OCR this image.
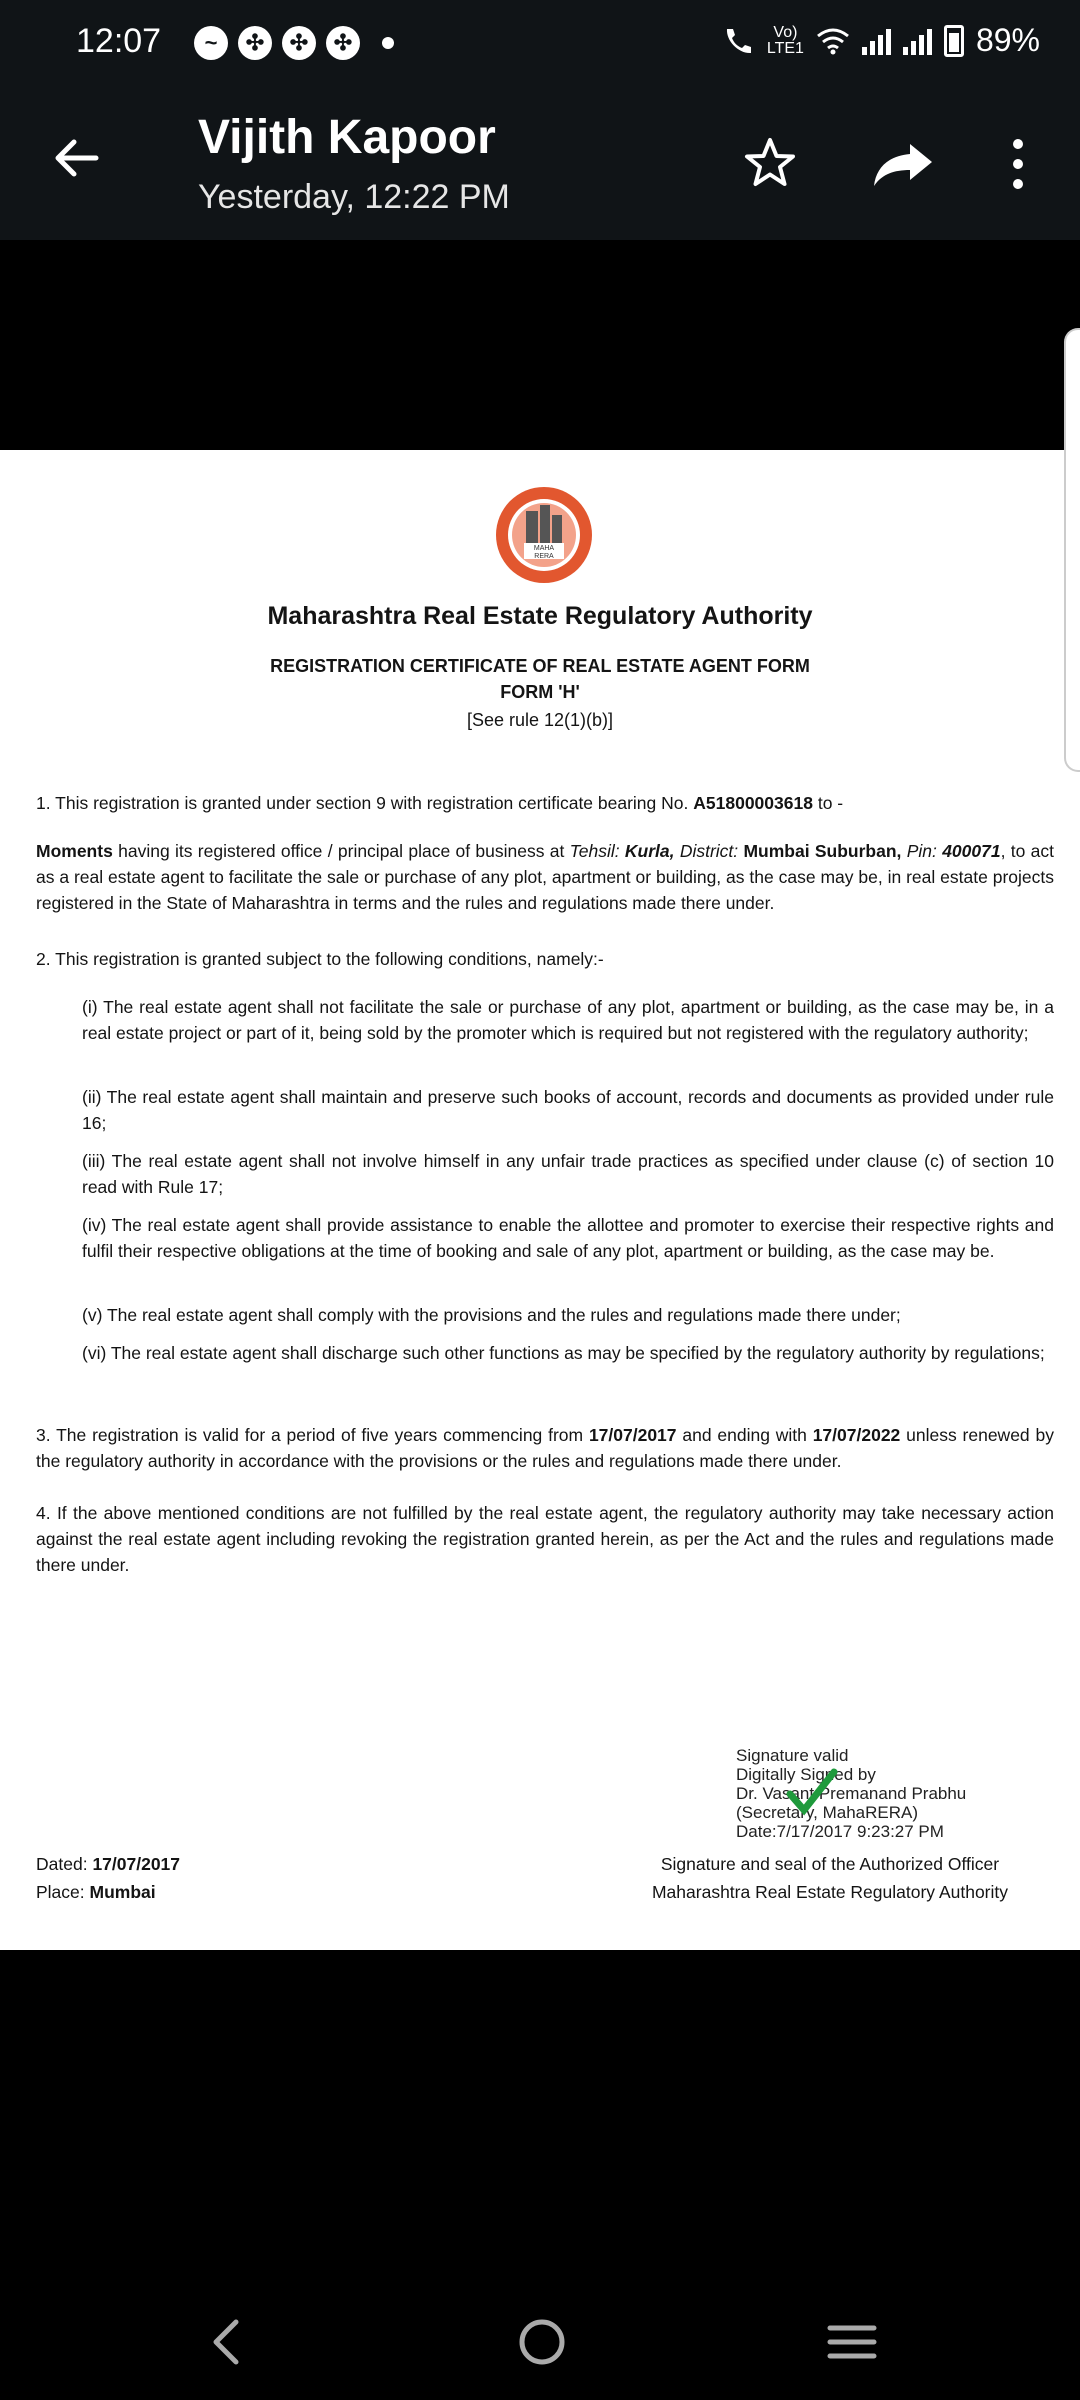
12:07	~	✣	✣	✣	Vo)
LTE1	89%
Vijith Kapoor
Yesterday, 12:22 PM
MAHA
RERA
Maharashtra Real Estate Regulatory Authority
REGISTRATION CERTIFICATE OF REAL ESTATE AGENT FORM
FORM 'H'
[See rule 12(1)(b)]
1. This registration is granted under section 9 with registration certificate bearing No. A51800003618 to -
Moments having its registered office / principal place of business at Tehsil: Kurla, District: Mumbai Suburban, Pin: 400071, to act as a real estate agent to facilitate the sale or purchase of any plot, apartment or building, as the case may be, in real estate projects registered in the State of Maharashtra in terms and the rules and regulations made there under.
2. This registration is granted subject to the following conditions, namely:-
(i) The real estate agent shall not facilitate the sale or purchase of any plot, apartment or building, as the case may be, in a real estate project or part of it, being sold by the promoter which is required but not registered with the regulatory authority;
(ii) The real estate agent shall maintain and preserve such books of account, records and documents as provided under rule 16;
(iii) The real estate agent shall not involve himself in any unfair trade practices as specified under clause (c) of section 10 read with Rule 17;
(iv) The real estate agent shall provide assistance to enable the allottee and promoter to exercise their respective rights and fulfil their respective obligations at the time of booking and sale of any plot, apartment or building, as the case may be.
(v) The real estate agent shall comply with the provisions and the rules and regulations made there under;
(vi) The real estate agent shall discharge such other functions as may be specified by the regulatory authority by regulations;
3. The registration is valid for a period of five years commencing from 17/07/2017 and ending with 17/07/2022 unless renewed by the regulatory authority in accordance with the provisions or the rules and regulations made there under.
4. If the above mentioned conditions are not fulfilled by the real estate agent, the regulatory authority may take necessary action against the real estate agent including revoking the registration granted herein, as per the Act and the rules and regulations made there under.
Signature valid
Digitally Signed by
Dr. Vasant Premanand Prabhu
(Secretary, MahaRERA)
Date:7/17/2017 9:23:27 PM
Dated: 17/07/2017
Place: Mumbai
Signature and seal of the Authorized Officer
Maharashtra Real Estate Regulatory Authority
